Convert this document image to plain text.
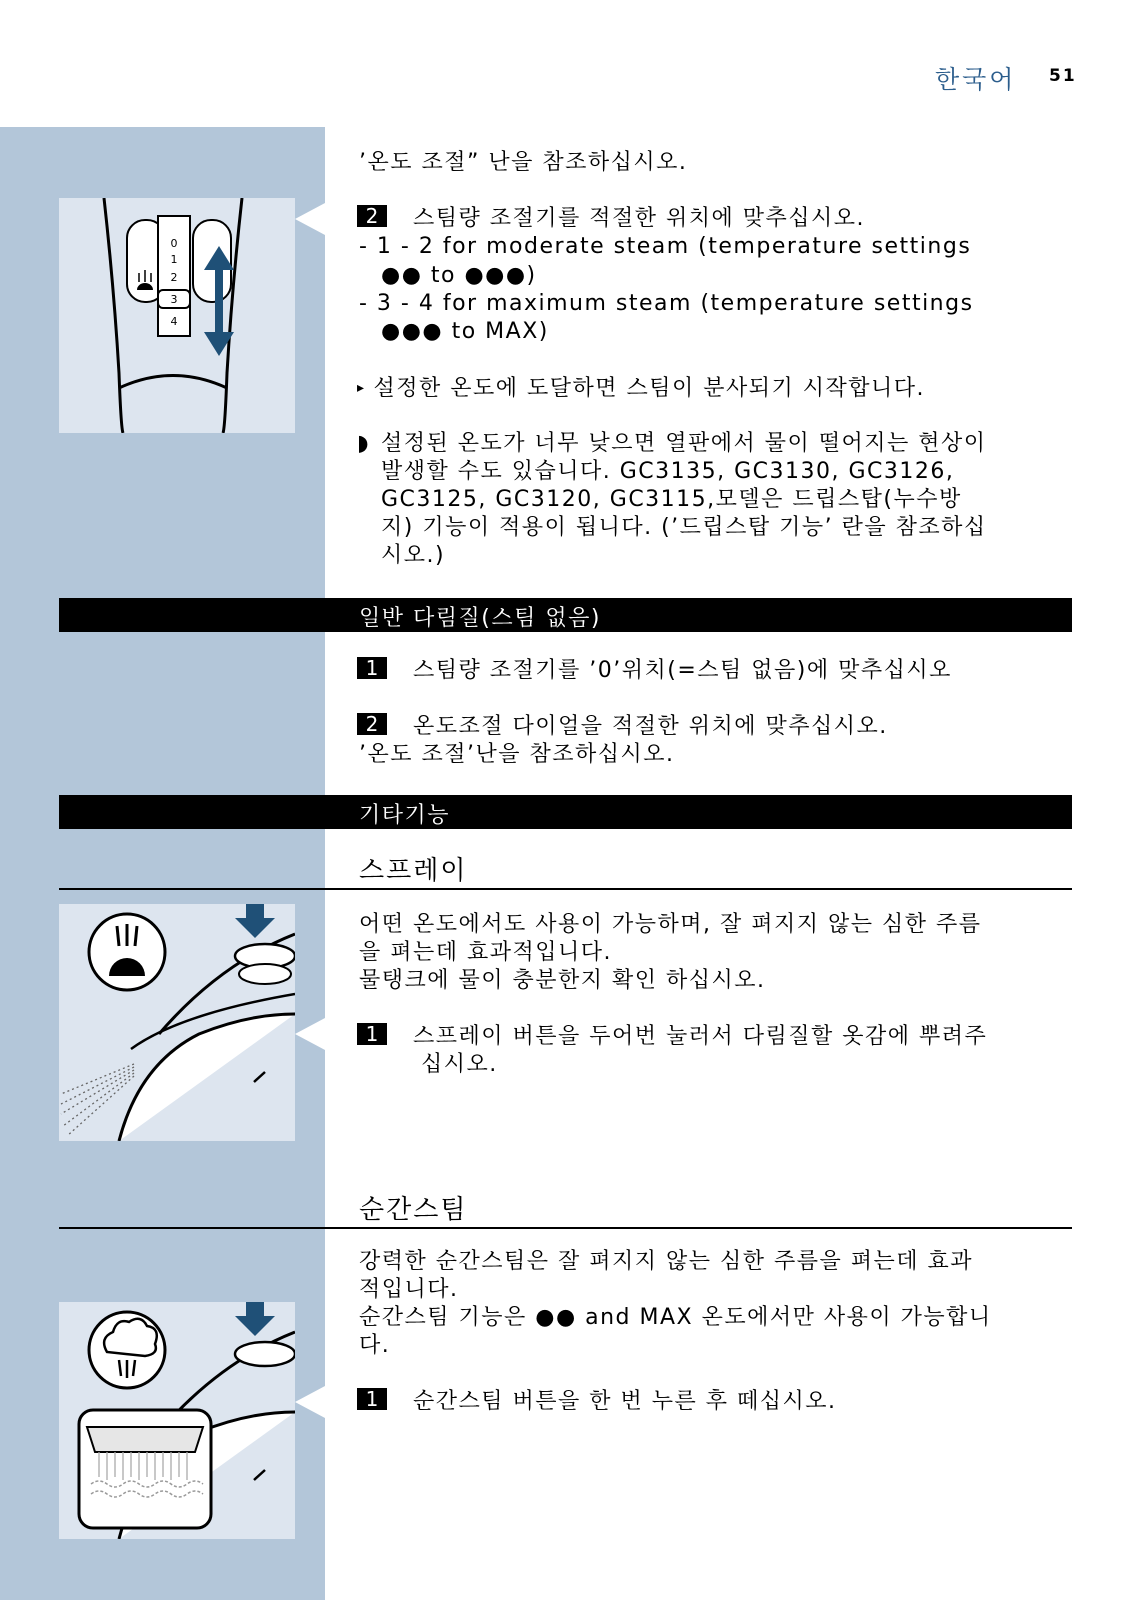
한국어 51
0
1
2
3
4
’온도 조절” 난을 참조하십시오.
2 스팀량 조절기를 적절한 위치에 맞추십시오.
- 1 - 2 for moderate steam (temperature settings
●● to ●●●)
- 3 - 4 for maximum steam (temperature settings
●●● to MAX)
▸ 설정한 온도에 도달하면 스팀이 분사되기 시작합니다.
◗ 설정된 온도가 너무 낮으면 열판에서 물이 떨어지는 현상이
발생할 수도 있습니다. GC3135, GC3130, GC3126,
GC3125, GC3120, GC3115,모델은 드립스탑(누수방
지) 기능이 적용이 됩니다. (’드립스탑 기능’ 란을 참조하십
시오.)
일반 다림질(스팀 없음)
1 스팀량 조절기를 ’0’위치(=스팀 없음)에 맞추십시오
2 온도조절 다이얼을 적절한 위치에 맞추십시오.
’온도 조절’난을 참조하십시오.
기타기능
스프레이
어떤 온도에서도 사용이 가능하며, 잘 펴지지 않는 심한 주름
을 펴는데 효과적입니다.
물탱크에 물이 충분한지 확인 하십시오.
1 스프레이 버튼을 두어번 눌러서 다림질할 옷감에 뿌려주
십시오.
순간스팀
강력한 순간스팀은 잘 펴지지 않는 심한 주름을 펴는데 효과
적입니다.
순간스팀 기능은 ●● and MAX 온도에서만 사용이 가능합니
다.
1 순간스팀 버튼을 한 번 누른 후 떼십시오.
